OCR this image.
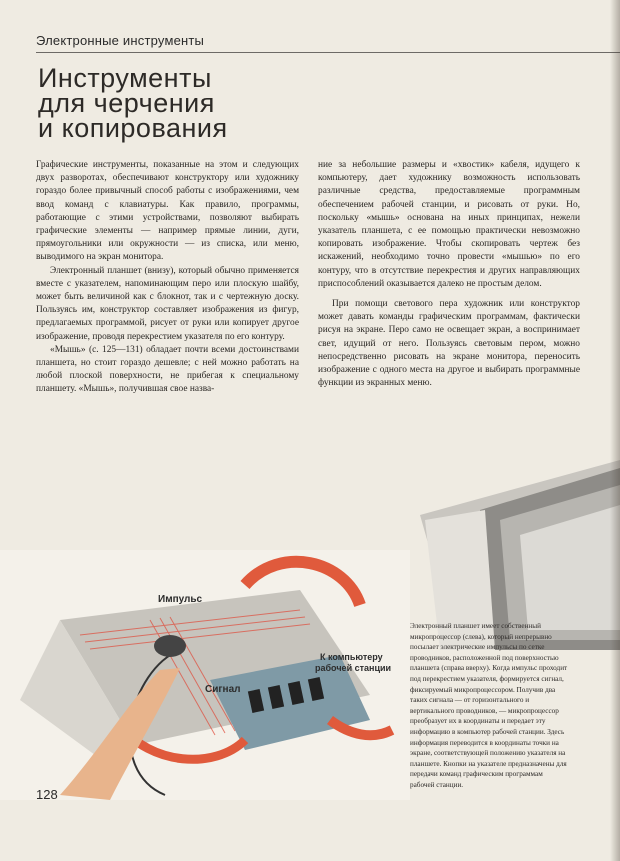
Электронные инструменты
Инструменты
для черчения
и копирования

Графические инструменты, показанные на этом и следующих двух разворотах, обеспечивают конструктору или художнику гораздо более привычный способ работы с изображениями, чем ввод команд с клавиатуры. Как правило, программы, работающие с этими устройствами, позволяют выбирать графические элементы — например прямые линии, дуги, прямоугольники или окружности — из списка, или меню, выводимого на экран монитора.

Электронный планшет (внизу), который обычно применяется вместе с указателем, напоминающим перо или плоскую шайбу, может быть величиной как с блокнот, так и с чертежную доску. Пользуясь им, конструктор составляет изображения из фигур, предлагаемых программой, рисует от руки или копирует другое изображение, проводя перекрестием указателя по его контуру.

«Мышь» (с. 125—131) обладает почти всеми достоинствами планшета, но стоит гораздо дешевле; с ней можно работать на любой плоской поверхности, не прибегая к специальному планшету. «Мышь», получившая свое назва-

ние за небольшие размеры и «хвостик» кабеля, идущего к компьютеру, дает художнику возможность использовать различные средства, предоставляемые программным обеспечением рабочей станции, и рисовать от руки. Но, поскольку «мышь» основана на иных принципах, нежели указатель планшета, с ее помощью практически невозможно копировать изображение. Чтобы скопировать чертеж без искажений, необходимо точно провести «мышью» по его контуру, что в отсутствие перекрестия и других направляющих приспособлений оказывается далеко не простым делом.

При помощи светового пера художник или конструктор может давать команды графическим программам, фактически рисуя на экране. Перо само не освещает экран, а воспринимает свет, идущий от него. Пользуясь световым пером, можно непосредственно рисовать на экране монитора, переносить изображение с одного места на другое и выбирать программные функции из экранных меню.

Импульс
Сигнал
К компьютеру
рабочей станции
Электронный планшет имеет собственный микропроцессор (слева), который непрерывно посылает электрические импульсы по сетке проводников, расположенной под поверхностью планшета (справа вверху). Когда импульс проходит под перекрестием указателя, формируется сигнал, фиксируемый микропроцессором. Получив два таких сигнала — от горизонтального и вертикального проводников, — микропроцессор преобразует их в координаты и передает эту информацию в компьютер рабочей станции. Здесь информация переводится в координаты точки на экране, соответствующей положению указателя на планшете. Кнопки на указателе предназначены для передачи команд графическим программам рабочей станции.
128
